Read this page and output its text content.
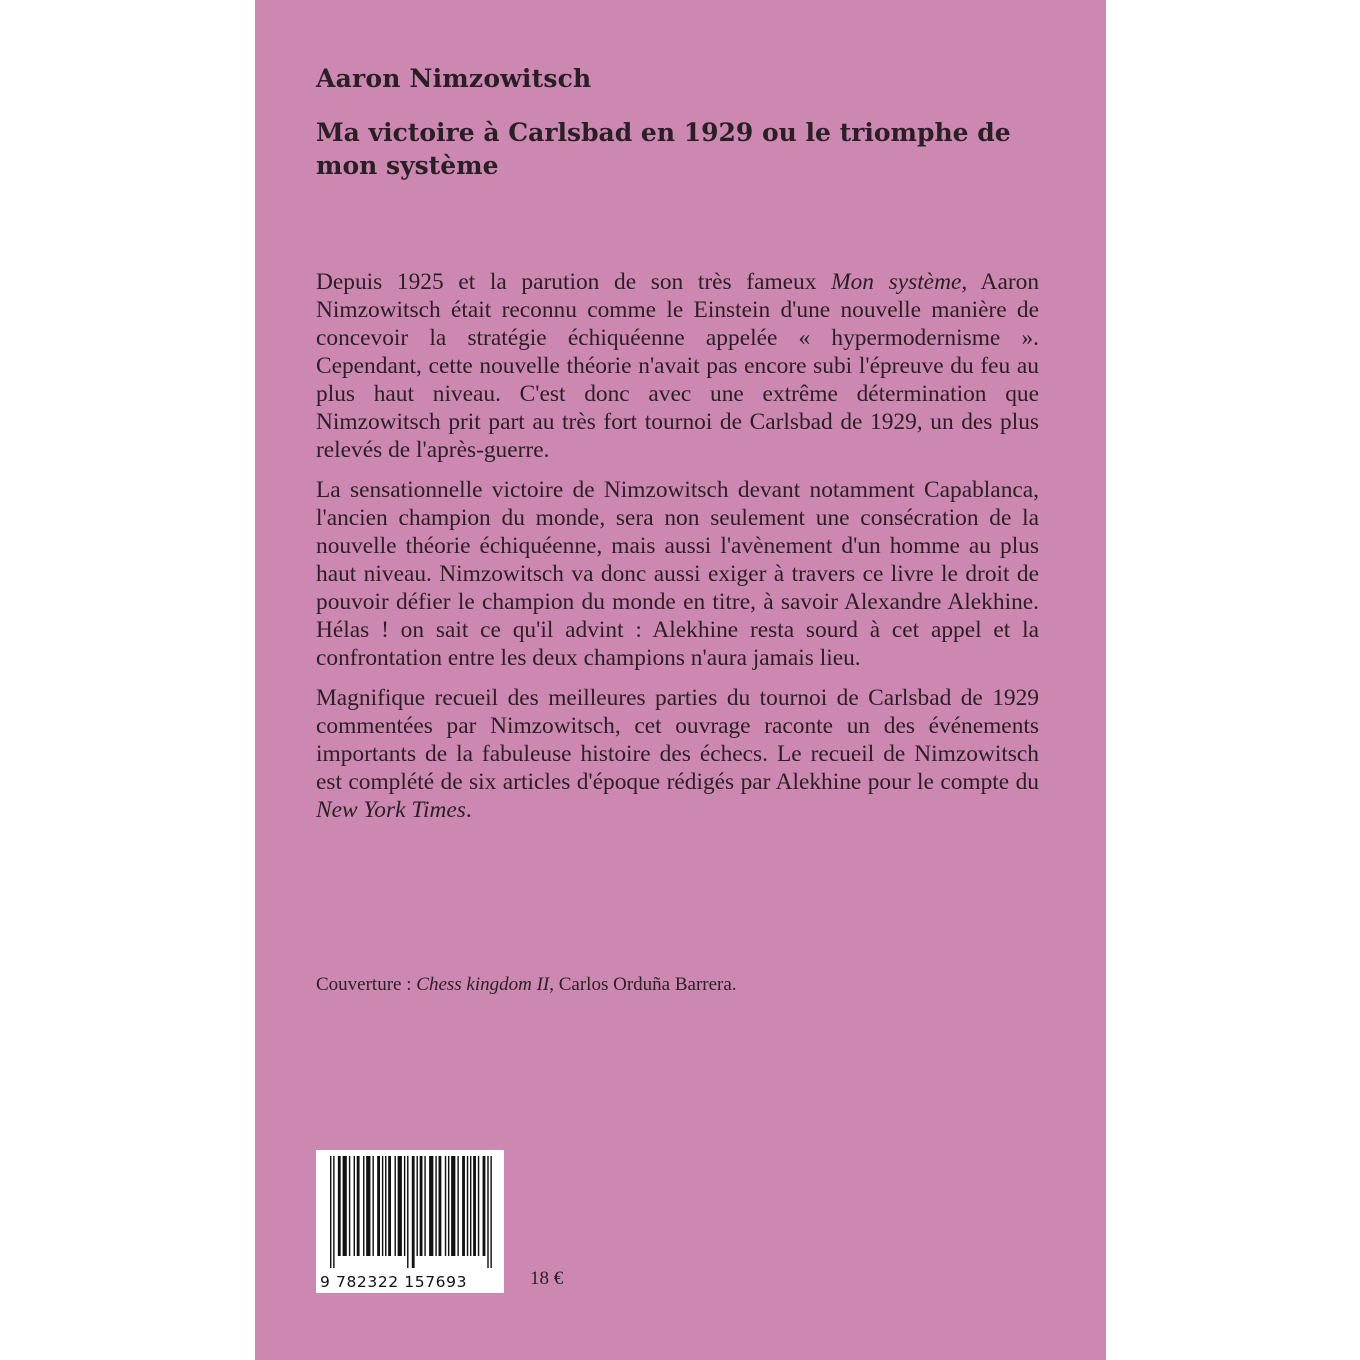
Aaron Nimzowitsch
Ma victoire à Carlsbad en 1929 ou le triomphe de mon système

Depuis 1925 et la parution de son très fameux Mon système, Aaron Nimzowitsch était reconnu comme le Einstein d'une nouvelle manière de concevoir la stratégie échiquéenne appelée « hypermodernisme ». Cependant, cette nouvelle théorie n'avait pas encore subi l'épreuve du feu au plus haut niveau. C'est donc avec une extrême détermination que Nimzowitsch prit part au très fort tournoi de Carlsbad de 1929, un des plus relevés de l'après-guerre.

La sensationnelle victoire de Nimzowitsch devant notamment Capablanca, l'ancien champion du monde, sera non seulement une consécration de la nouvelle théorie échiquéenne, mais aussi l'avènement d'un homme au plus haut niveau. Nimzowitsch va donc aussi exiger à travers ce livre le droit de pouvoir défier le champion du monde en titre, à savoir Alexandre Alekhine. Hélas ! on sait ce qu'il advint : Alekhine resta sourd à cet appel et la confrontation entre les deux champions n'aura jamais lieu.

Magnifique recueil des meilleures parties du tournoi de Carlsbad de 1929 commentées par Nimzowitsch, cet ouvrage raconte un des événements importants de la fabuleuse histoire des échecs. Le recueil de Nimzowitsch est complété de six articles d'époque rédigés par Alekhine pour le compte du New York Times.

Couverture : Chess kingdom II, Carlos Orduña Barrera.
9 782322 157693	18 €
